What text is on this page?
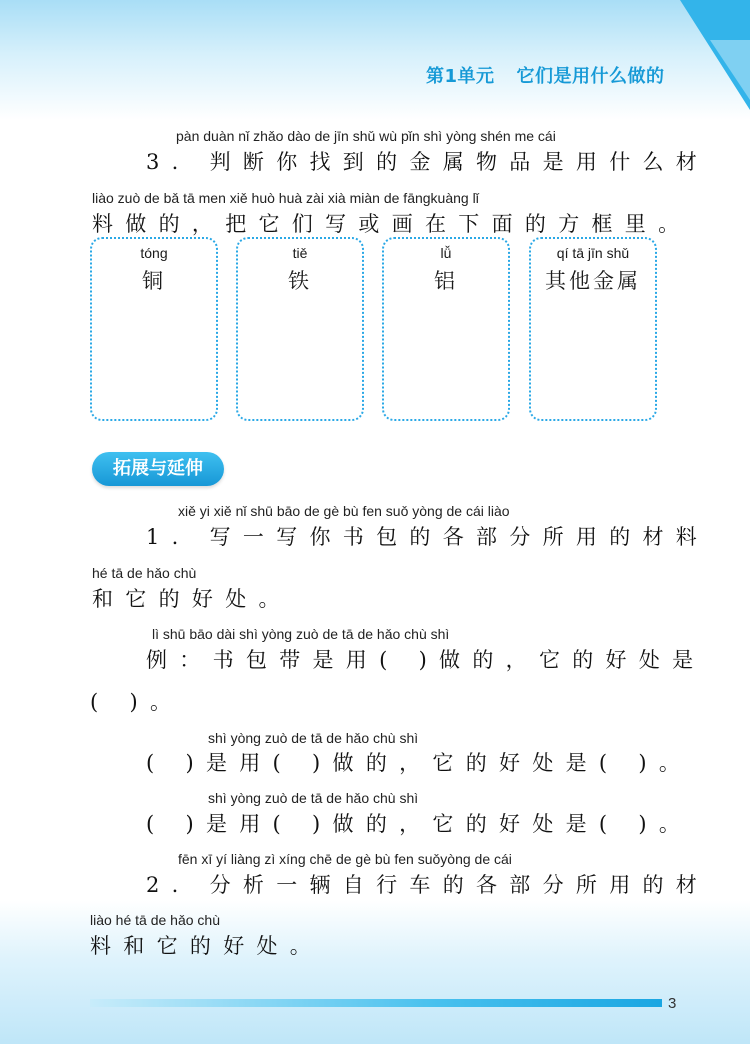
第1单元 它们是用什么做的
pàn duàn nǐ zhǎo dào de jīn shǔ wù pǐn shì yòng shén me cái
3. 判断你找到的金属物品是用什么材
liào zuò de bǎ tā men xiě huò huà zài xià miàn de fāngkuàng lǐ
料做的，把它们写或画在下面的方框里。
tóng
铜
tiě
铁
lǚ
铝
qí tā jīn shǔ
其他金属
拓展与延伸
xiě yi xiě nǐ shū bāo de gè bù fen suǒ yòng de cái liào
1. 写一写你书包的各部分所用的材料
hé tā de hǎo chù
和它的好处。
lì shū bāo dài shì yòng zuò de tā de hǎo chù shì
例：书包带是用( )做的，它的好处是
( )。
shì yòng zuò de tā de hǎo chù shì
( )是用( )做的，它的好处是( )。
shì yòng zuò de tā de hǎo chù shì
( )是用( )做的，它的好处是( )。
fēn xī yí liàng zì xíng chē de gè bù fen suǒyòng de cái
2. 分析一辆自行车的各部分所用的材
liào hé tā de hǎo chù
料和它的好处。
3
